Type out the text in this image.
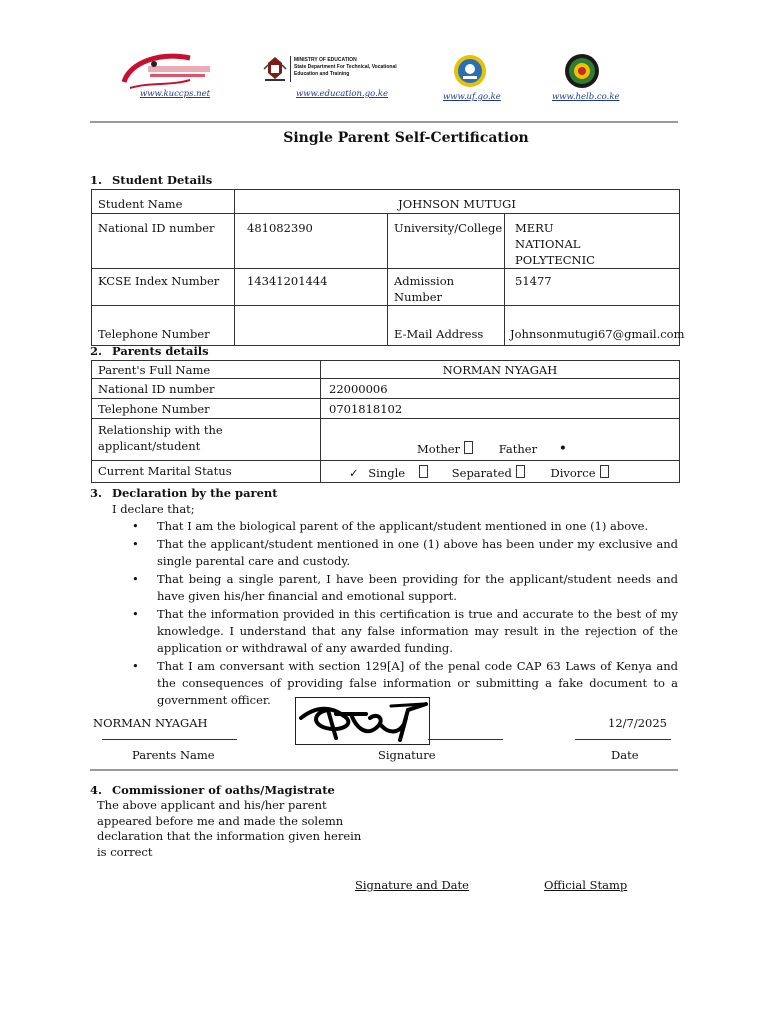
www.kuccps.net
MINISTRY OF EDUCATION
State Department For Technical, Vocational
Education and Training
www.education.go.ke	www.uf.go.ke	www.helb.co.ke
Single Parent Self-Certification
1. Student Details
Student Name	JOHNSON MUTUGI		
National ID number	481082390	University/College	MERU NATIONAL POLYTECNIC
KCSE Index Number	14341201444	Admission Number	51477
Telephone Number		E-Mail Address	Johnsonmutugi67@gmail.com
2. Parents details
Parent's Full Name	NORMAN NYAGAH
National ID number	22000006
Telephone Number	0701818102
Relationship with the applicant/student	Mother Father •
Current Marital Status	✓ Single Separated Divorce
3. Declaration by the parent
I declare that;
• That I am the biological parent of the applicant/student mentioned in one (1) above.
• That the applicant/student mentioned in one (1) above has been under my exclusive and single parental care and custody.
• That being a single parent, I have been providing for the applicant/student needs and have given his/her financial and emotional support.
• That the information provided in this certification is true and accurate to the best of my knowledge. I understand that any false information may result in the rejection of the application or withdrawal of any awarded funding.
• That I am conversant with section 129[A] of the penal code CAP 63 Laws of Kenya and the consequences of providing false information or submitting a fake document to a government officer.
NORMAN NYAGAH	12/7/2025
Parents Name	Signature	Date
4. Commissioner of oaths/Magistrate
The above applicant and his/her parent
appeared before me and made the solemn
declaration that the information given herein
is correct
Signature and Date	Official Stamp
